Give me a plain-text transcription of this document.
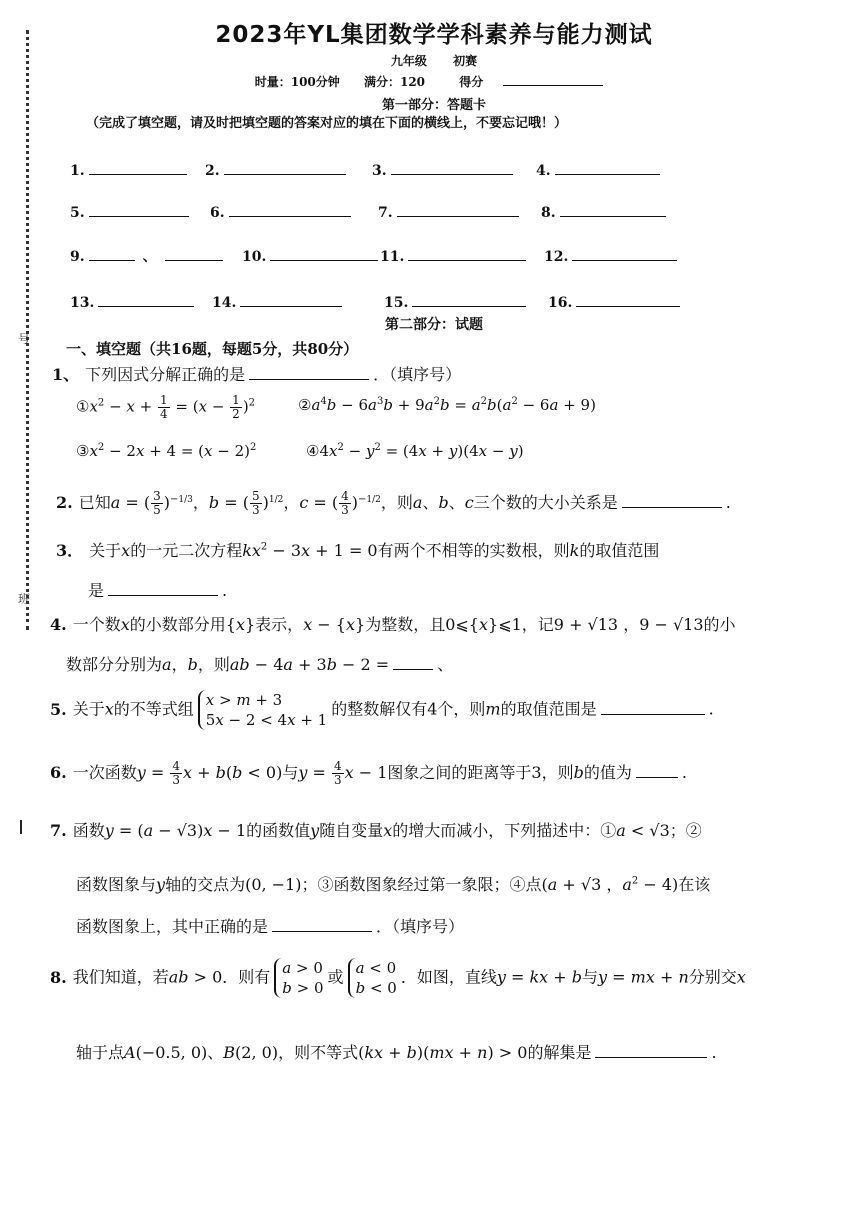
号
班
2023年YL集团数学学科素养与能力测试
九年级 初赛
时量：100分钟 满分：120	得分
第一部分：答题卡
（完成了填空题，请及时把填空题的答案对应的填在下面的横线上，不要忘记哦！）
1.	2.	3.	4.
5.	6.	7.	8.
9.	、	10.	11.	12.
13.	14.	15.	16.
第二部分：试题
一、填空题（共16题，每题5分，共80分）
1、 下列因式分解正确的是	．（填序号）
$①x^2 - x + \frac{1}{4} = (x - \frac{1}{2} )^2$	$②a^4b - 6a^3b + 9a^2b = a^2b(a^2 - 6a + 9)$
$③x^2 - 2x + 4 = (x - 2)^2$	$④4x^2 - y^2 = (4x + y)(4x - y)$
2. 已知a = ( $\frac{3}{5} )^{-1/3}$，b = ( $\frac{5}{3} )^{1/2}$，c = ( $\frac{4}{3} )^{-1/2}$，则a、b、c三个数的大小关系是	.
3． 关于x的一元二次方程$kx^2 - 3x + 1 = 0$有两个不相等的实数根，则k的取值范围
是	.
4. 一个数x的小数部分用{x}表示，x − {x}为整数，且0⩽{x}⩽1，记9 + √13 ，9 − √13的小
数部分分别为a，b，则ab − 4a + 3b − 2 =	、
5. 关于x的不等式组 x > m + 3
5x − 2 < 4x + 1
的整数解仅有4个，则m的取值范围是	.
6. 一次函数$y = \frac{4}{3}$ x + b(b < 0)与$y = \frac{4}{3}$ x − 1图象之间的距离等于3，则b的值为	.
7. 函数y = (a − √3)x − 1的函数值y随自变量x的增大而减小，下列描述中：①a < √3；②
函数图象与y轴的交点为(0, −1)；③函数图象经过第一象限；④点(a + √3 ，$a^2 - 4$)在该
函数图象上，其中正确的是	．（填序号）
8. 我们知道，若ab > 0．则有 a > 0
b > 0
或 a < 0
b < 0
．如图，直线y = kx + b与y = mx + n分别交x
轴于点A(−0.5, 0)、B(2, 0)，则不等式(kx + b)(mx + n) > 0的解集是	.
